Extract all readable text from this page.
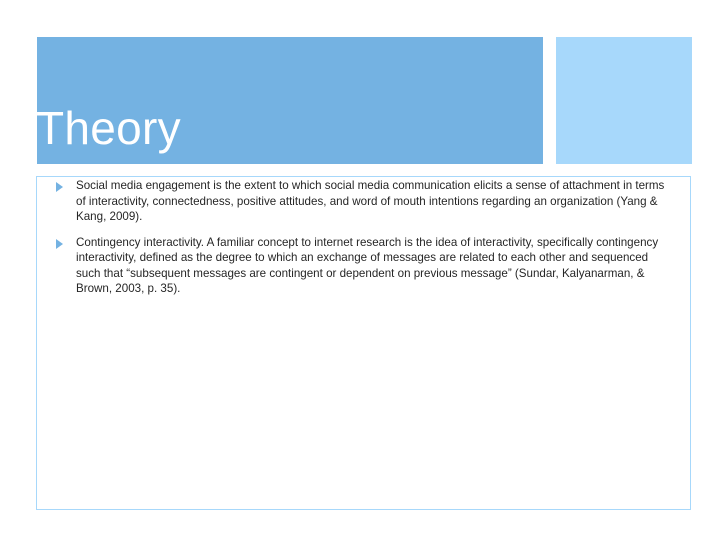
Theory
Social media engagement is the extent to which social media communication elicits a sense of attachment in terms of interactivity, connectedness, positive attitudes, and word of mouth intentions regarding an organization (Yang & Kang, 2009).
Contingency interactivity. A familiar concept to internet research is the idea of interactivity, specifically contingency interactivity, defined as the degree to which an exchange of messages are related to each other and sequenced such that “subsequent messages are contingent or dependent on previous message” (Sundar, Kalyanarman, & Brown, 2003, p. 35).
